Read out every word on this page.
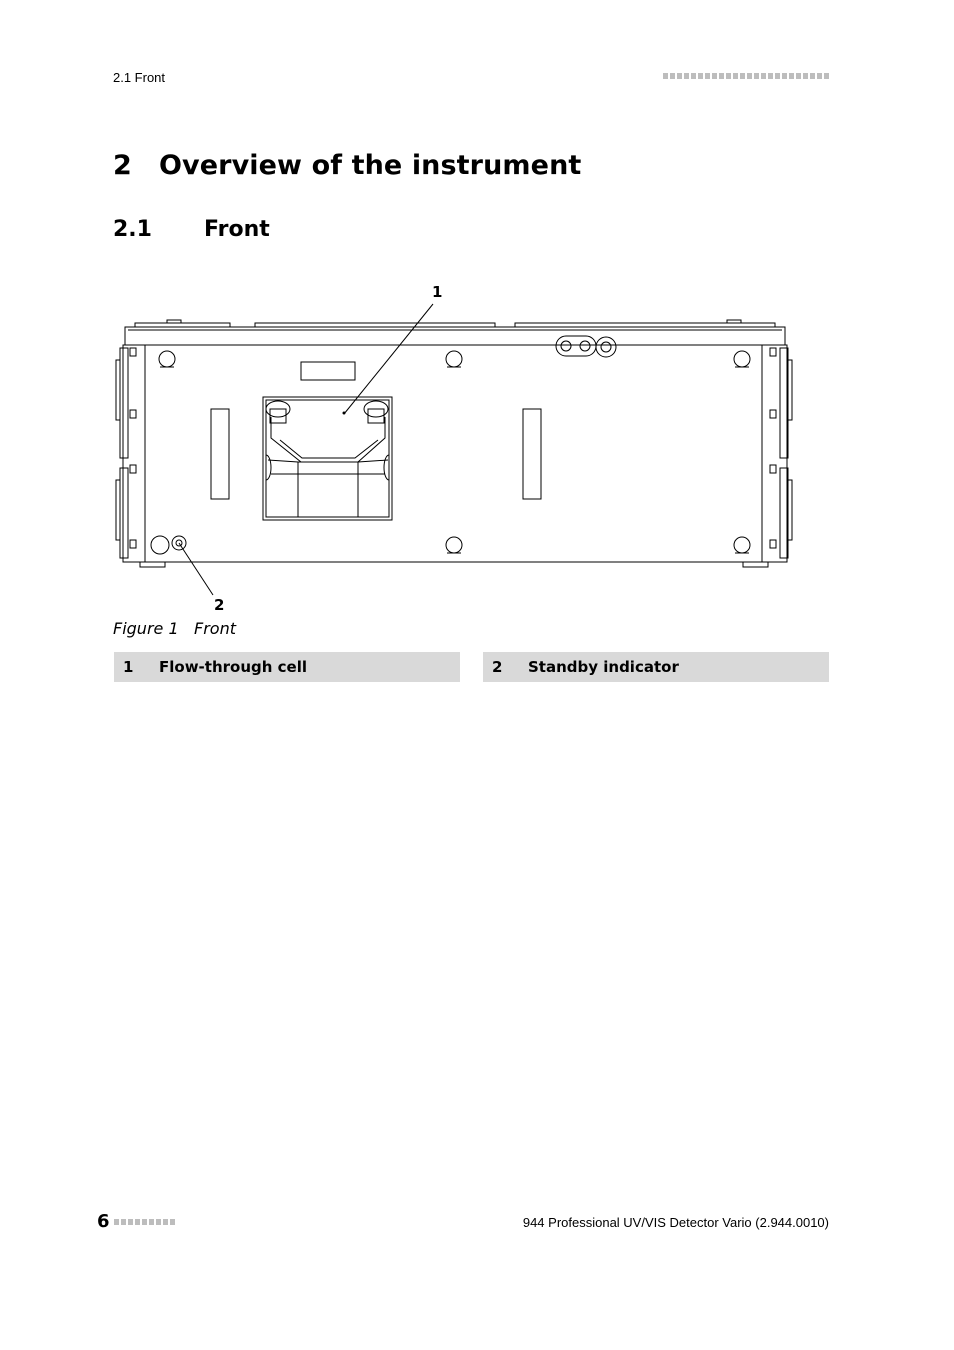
2.1 Front
2 Overview of the instrument
2.1 Front
1
2
Figure 1 Front
1	Flow-through cell	2	Standby indicator
6	944 Professional UV/VIS Detector Vario (2.944.0010)
